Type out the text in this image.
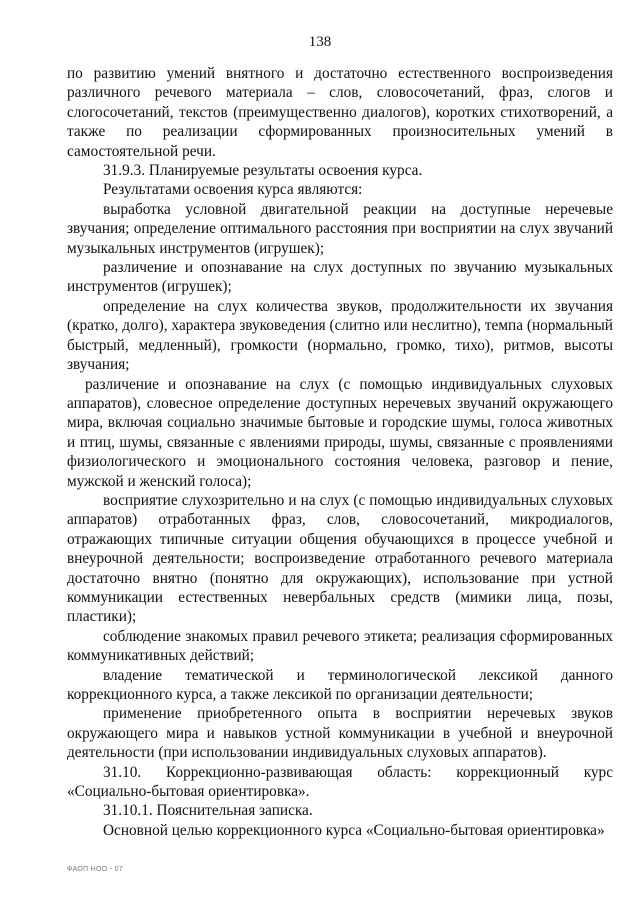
138

по развитию умений внятного и достаточно естественного воспроизведения различного речевого материала – слов, словосочетаний, фраз, слогов и слогосочетаний, текстов (преимущественно диалогов), коротких стихотворений, а также по реализации сформированных произносительных умений в самостоятельной речи.

31.9.3. Планируемые результаты освоения курса.

Результатами освоения курса являются:

выработка условной двигательной реакции на доступные неречевые звучания; определение оптимального расстояния при восприятии на слух звучаний музыкальных инструментов (игрушек);

различение и опознавание на слух доступных по звучанию музыкальных инструментов (игрушек);

определение на слух количества звуков, продолжительности их звучания (кратко, долго), характера звуковедения (слитно или неслитно), темпа (нормальный быстрый, медленный), громкости (нормально, громко, тихо), ритмов, высоты звучания;

различение и опознавание на слух (с помощью индивидуальных слуховых аппаратов), словесное определение доступных неречевых звучаний окружающего мира, включая социально значимые бытовые и городские шумы, голоса животных и птиц, шумы, связанные с явлениями природы, шумы, связанные с проявлениями физиологического и эмоционального состояния человека, разговор и пение, мужской и женский голоса);

восприятие слухозрительно и на слух (с помощью индивидуальных слуховых аппаратов) отработанных фраз, слов, словосочетаний, микродиалогов, отражающих типичные ситуации общения обучающихся в процессе учебной и внеурочной деятельности; воспроизведение отработанного речевого материала достаточно внятно (понятно для окружающих), использование при устной коммуникации естественных невербальных средств (мимики лица, позы, пластики);

соблюдение знакомых правил речевого этикета; реализация сформированных коммуникативных действий;

владение тематической и терминологической лексикой данного коррекционного курса, а также лексикой по организации деятельности;

применение приобретенного опыта в восприятии неречевых звуков окружающего мира и навыков устной коммуникации в учебной и внеурочной деятельности (при использовании индивидуальных слуховых аппаратов).

31.10. Коррекционно-развивающая область: коррекционный курс «Социально-бытовая ориентировка».

31.10.1. Пояснительная записка.

Основной целью коррекционного курса «Социально-бытовая ориентировка»

ФАОП НОО - 07
